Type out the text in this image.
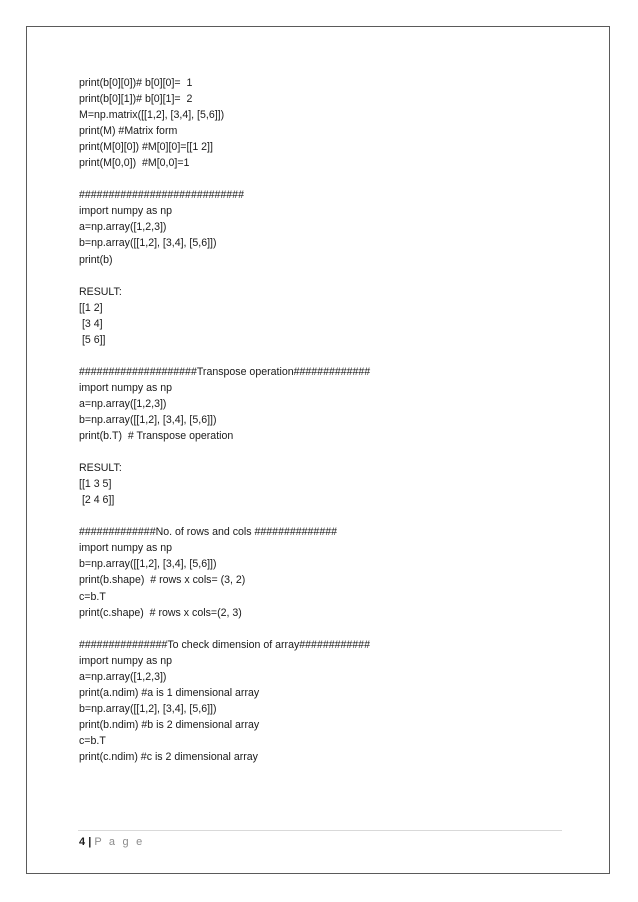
print(b[0][0])# b[0][0]=  1
print(b[0][1])# b[0][1]=  2
M=np.matrix([[1,2], [3,4], [5,6]])
print(M) #Matrix form
print(M[0][0]) #M[0][0]=[[1 2]]
print(M[0,0])  #M[0,0]=1
############################
import numpy as np
a=np.array([1,2,3])
b=np.array([[1,2], [3,4], [5,6]])
print(b)
RESULT:
[[1 2]
[3 4]
[5 6]]
####################Transpose operation#############
import numpy as np
a=np.array([1,2,3])
b=np.array([[1,2], [3,4], [5,6]])
print(b.T)  # Transpose operation
RESULT:
[[1 3 5]
[2 4 6]]
#############No. of rows and cols ##############
import numpy as np
b=np.array([[1,2], [3,4], [5,6]])
print(b.shape)  # rows x cols= (3, 2)
c=b.T
print(c.shape)  # rows x cols=(2, 3)
###############To check dimension of array############
import numpy as np
a=np.array([1,2,3])
print(a.ndim) #a is 1 dimensional array
b=np.array([[1,2], [3,4], [5,6]])
print(b.ndim) #b is 2 dimensional array
c=b.T
print(c.ndim) #c is 2 dimensional array
4 | P a g e
